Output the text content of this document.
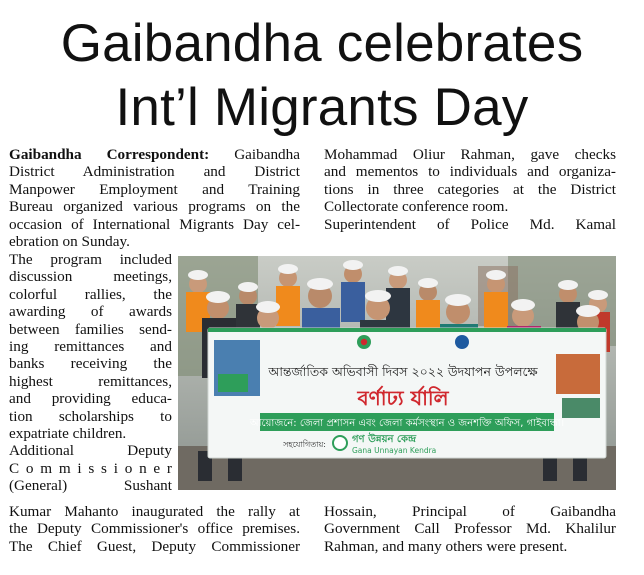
Gaibandha celebrates
Int’l Migrants Day
Gaibandha Correspondent: Gaibandha
District Administration and District
Manpower Employment and Training
Bureau organized various programs on the
occasion of International Migrants Day cel-
ebration on Sunday.
The program included
discussion meetings,
colorful rallies, the
awarding of awards
between families send-
ing remittances and
banks receiving the
highest remittances,
and providing educa-
tion scholarships to
expatriate children.
Additional Deputy
C o m m i s s i o n e r
(General) Sushant
Kumar Mahanto inaugurated the rally at
the Deputy Commissioner's office premises.
The Chief Guest, Deputy Commissioner
Mohammad Oliur Rahman, gave checks
and mementos to individuals and organiza-
tions in three categories at the District
Collectorate conference room.
Superintendent of Police Md. Kamal
Hossain, Principal of Gaibandha
Government Call Professor Md. Khalilur
Rahman, and many others were present.
আন্তর্জাতিক অভিবাসী দিবস ২০২২ উদযাপন উপলক্ষে
বর্ণাঢ্য র্যালি
আয়োজনে: জেলা প্রশাসন এবং জেলা কর্মসংস্থান ও জনশক্তি অফিস, গাইবান্ধা।
সহযোগিতায়:	গণ উন্নয়ন কেন্দ্র
Gana Unnayan Kendra
